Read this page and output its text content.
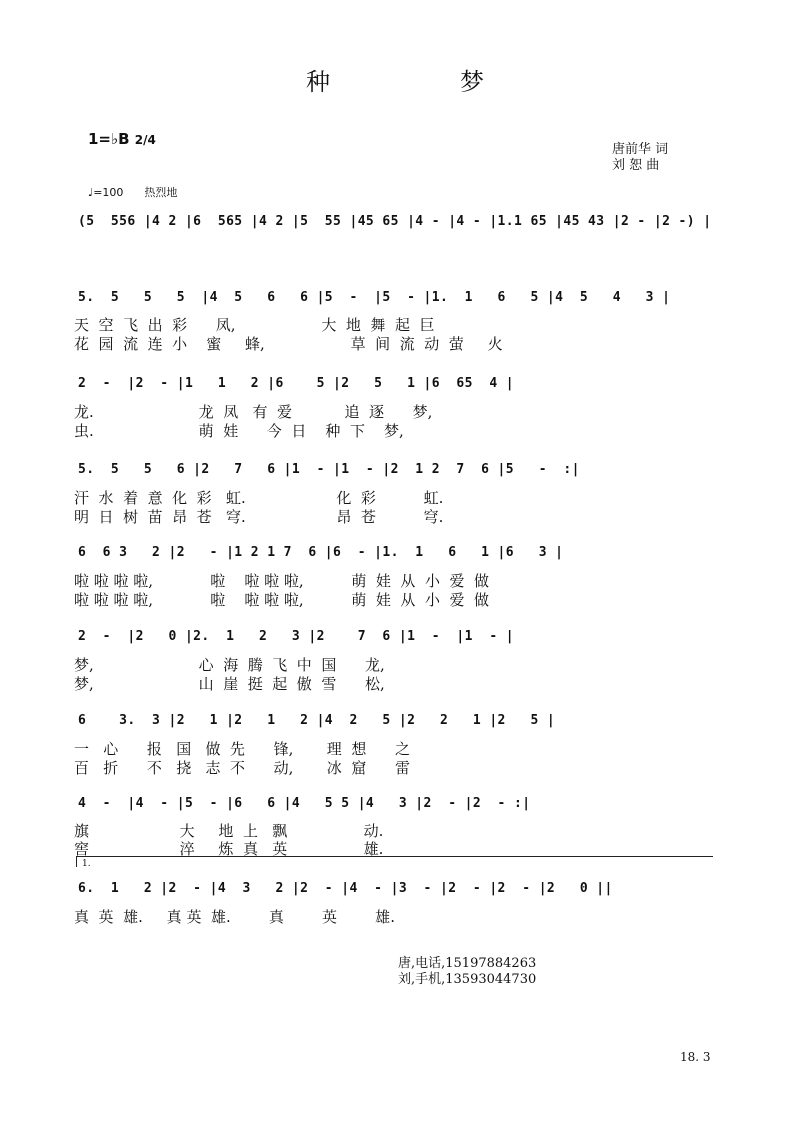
种	梦
1=♭B 2/4
唐前华 词
刘 恕 曲
♩=100 热烈地
(5  556 |4 2 |6  565 |4 2 |5  55 |45 65 |4 - |4 - |1.1 65 |45 43 |2 - |2 -) |
5.  5   5   5  |4  5   6   6 |5  -  |5  - |1.  1   6   5 |4  5   4   3 |
天  空  飞  出  彩      凤,                  大  地  舞  起  巨
花  园  流  连  小    蜜     蜂,                  草  间  流  动  萤     火
2  -  |2  - |1   1   2 |6    5 |2   5   1 |6  65  4 |
龙.                      龙  凤   有  爱           追  逐      梦,
虫.                      萌  娃      今  日    种  下    梦,
5.  5   5   6 |2   7   6 |1  - |1  - |2  1 2  7  6 |5   -  :|
汗  水  着  意  化  彩   虹.                   化  彩          虹.
明  日  树  苗  昂  苍   穹.                   昂  苍          穹.
6  6 3   2 |2   - |1 2 1 7  6 |6  - |1.  1   6   1 |6   3 |
啦 啦 啦 啦,            啦    啦 啦 啦,          萌  娃  从  小  爱  做
啦 啦 啦 啦,            啦    啦 啦 啦,          萌  娃  从  小  爱  做
2  -  |2   0 |2.  1   2   3 |2    7  6 |1  -  |1  - |
梦,                      心  海  腾  飞  中  国      龙,
梦,                      山  崖  挺  起  傲  雪      松,
6    3.  3 |2   1 |2   1   2 |4  2   5 |2   2   1 |2   5 |
一   心      报   国   做  先      锋,       理  想      之
百   折      不   挠   志  不      动,       冰  窟      雷
4  -  |4  - |5  - |6   6 |4   5 5 |4   3 |2  - |2  - :|
旗                   大     地  上   飘                动.
窖                   淬     炼  真   英                雄.
1.
6.  1   2 |2  - |4  3   2 |2  - |4  - |3  - |2  - |2  - |2   0 ||
真  英  雄.     真 英  雄.        真        英        雄.
唐,电话,15197884263
刘,手机,13593044730
18. 3
